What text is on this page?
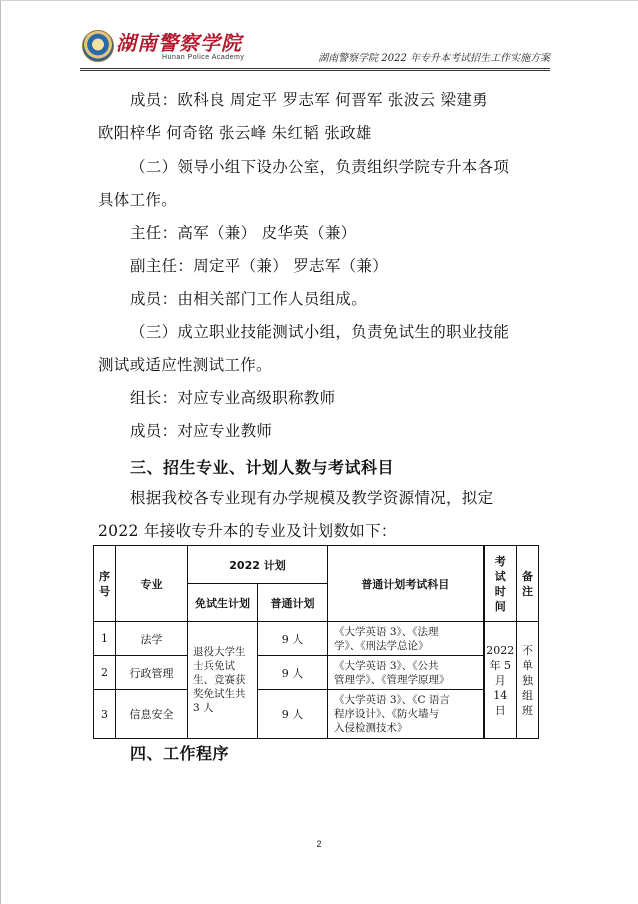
湖南警察学院
Hunan Police Academy	湖南警察学院 2022 年专升本考试招生工作实施方案
成员：欧科良 周定平 罗志军 何晋军 张波云 梁建勇
欧阳梓华 何奇铭 张云峰 朱红韬 张政雄
（二）领导小组下设办公室，负责组织学院专升本各项
具体工作。
主任：高军（兼） 皮华英（兼）
副主任：周定平（兼） 罗志军（兼）
成员：由相关部门工作人员组成。
（三）成立职业技能测试小组，负责免试生的职业技能
测试或适应性测试工作。
组长：对应专业高级职称教师
成员：对应专业教师
三、招生专业、计划人数与考试科目
根据我校各专业现有办学规模及教学资源情况，拟定
2022 年接收专升本的专业及计划数如下：
序
号	专业	2022 计划		普通计划考试科目	考
试
时
间	备
注
		免试生计划	普通计划			
1	法学	退役大学生
士兵免试
生、竞赛获
奖免试生共
3 人	9 人	《大学英语 3》、《法理
学》、《刑法学总论》	2022
年 5
月
14
日	不
单
独
组
班
2	行政管理		9 人	《大学英语 3》、《公共
管理学》、《管理学原理》		
3	信息安全		9 人	《大学英语 3》、《C 语言
程序设计》、《防火墙与
入侵检测技术》		
四、工作程序
2
